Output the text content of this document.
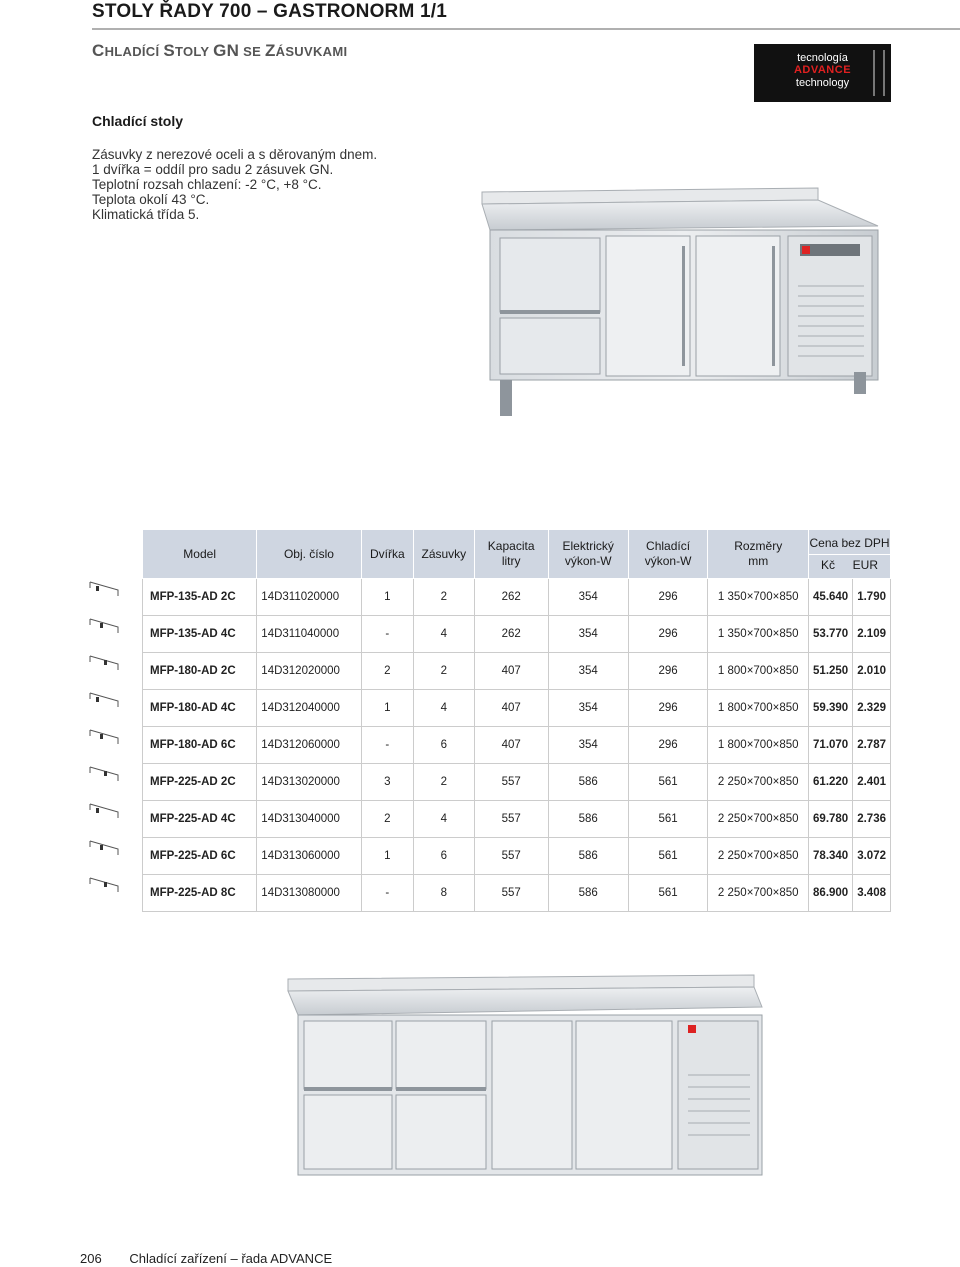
STOLY ŘADY 700 – GASTRONORM 1/1
CHLADÍCÍ STOLY GN SE ZÁSUVKAMI	tecnología
ADVANCE
technology
Chladící stoly
Zásuvky z nerezové oceli a s děrovaným dnem.
1 dvířka = oddíl pro sadu 2 zásuvek GN.
Teplotní rozsah chlazení: -2 °C, +8 °C.
Teplota okolí 43 °C.
Klimatická třída 5.
Model	Obj. číslo	Dvířka	Zásuvky	Kapacita
litry	Elektrický
výkon-W	Chladící
výkon-W	Rozměry
mm	Cena bez DPH
Kč EUR	

MFP-135-AD 2C	14D311020000	1	2	262	354	296	1 350×700×850	45.640	1.790
MFP-135-AD 4C	14D311040000	-	4	262	354	296	1 350×700×850	53.770	2.109
MFP-180-AD 2C	14D312020000	2	2	407	354	296	1 800×700×850	51.250	2.010
MFP-180-AD 4C	14D312040000	1	4	407	354	296	1 800×700×850	59.390	2.329
MFP-180-AD 6C	14D312060000	-	6	407	354	296	1 800×700×850	71.070	2.787
MFP-225-AD 2C	14D313020000	3	2	557	586	561	2 250×700×850	61.220	2.401
MFP-225-AD 4C	14D313040000	2	4	557	586	561	2 250×700×850	69.780	2.736
MFP-225-AD 6C	14D313060000	1	6	557	586	561	2 250×700×850	78.340	3.072
MFP-225-AD 8C	14D313080000	-	8	557	586	561	2 250×700×850	86.900	3.408
206 Chladící zařízení – řada ADVANCE
